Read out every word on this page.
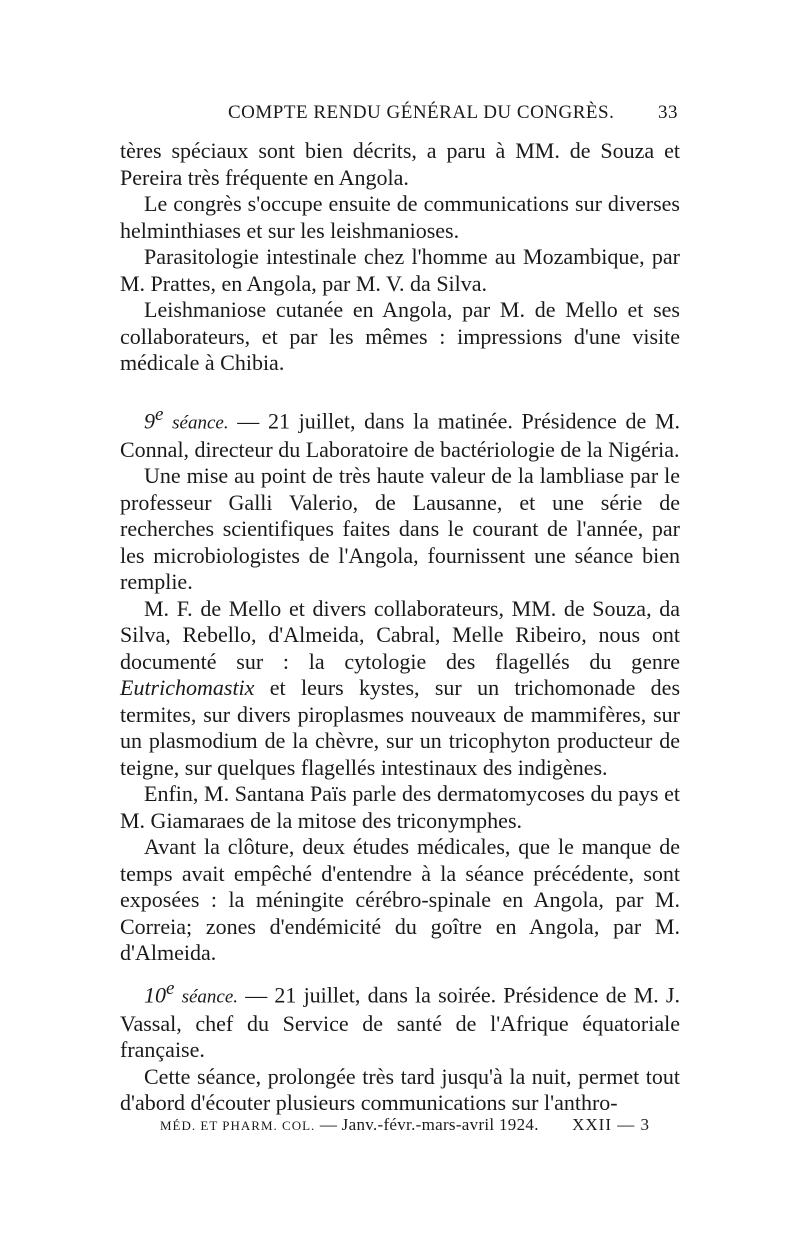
COMPTE RENDU GÉNÉRAL DU CONGRÈS. 33

tères spéciaux sont bien décrits, a paru à MM. de Souza et Pereira très fréquente en Angola.

Le congrès s'occupe ensuite de communications sur diverses helminthiases et sur les leishmanioses.

Parasitologie intestinale chez l'homme au Mozambique, par M. Prattes, en Angola, par M. V. da Silva.

Leishmaniose cutanée en Angola, par M. de Mello et ses collaborateurs, et par les mêmes : impressions d'une visite médicale à Chibia.

9e séance. — 21 juillet, dans la matinée. Présidence de M. Connal, directeur du Laboratoire de bactériologie de la Nigéria.

Une mise au point de très haute valeur de la lambliase par le professeur Galli Valerio, de Lausanne, et une série de recherches scientifiques faites dans le courant de l'année, par les microbiologistes de l'Angola, fournissent une séance bien remplie.

M. F. de Mello et divers collaborateurs, MM. de Souza, da Silva, Rebello, d'Almeida, Cabral, Melle Ribeiro, nous ont documenté sur : la cytologie des flagellés du genre Eutrichomastix et leurs kystes, sur un trichomonade des termites, sur divers piroplasmes nouveaux de mammifères, sur un plasmodium de la chèvre, sur un tricophyton producteur de teigne, sur quelques flagellés intestinaux des indigènes.

Enfin, M. Santana Païs parle des dermatomycoses du pays et M. Giamaraes de la mitose des triconymphes.

Avant la clôture, deux études médicales, que le manque de temps avait empêché d'entendre à la séance précédente, sont exposées : la méningite cérébro-spinale en Angola, par M. Correia; zones d'endémicité du goître en Angola, par M. d'Almeida.

10e séance. — 21 juillet, dans la soirée. Présidence de M. J. Vassal, chef du Service de santé de l'Afrique équatoriale française.

Cette séance, prolongée très tard jusqu'à la nuit, permet tout d'abord d'écouter plusieurs communications sur l'anthro-

MÉD. ET PHARM. COL. — Janv.-févr.-mars-avril 1924. XXII — 3
